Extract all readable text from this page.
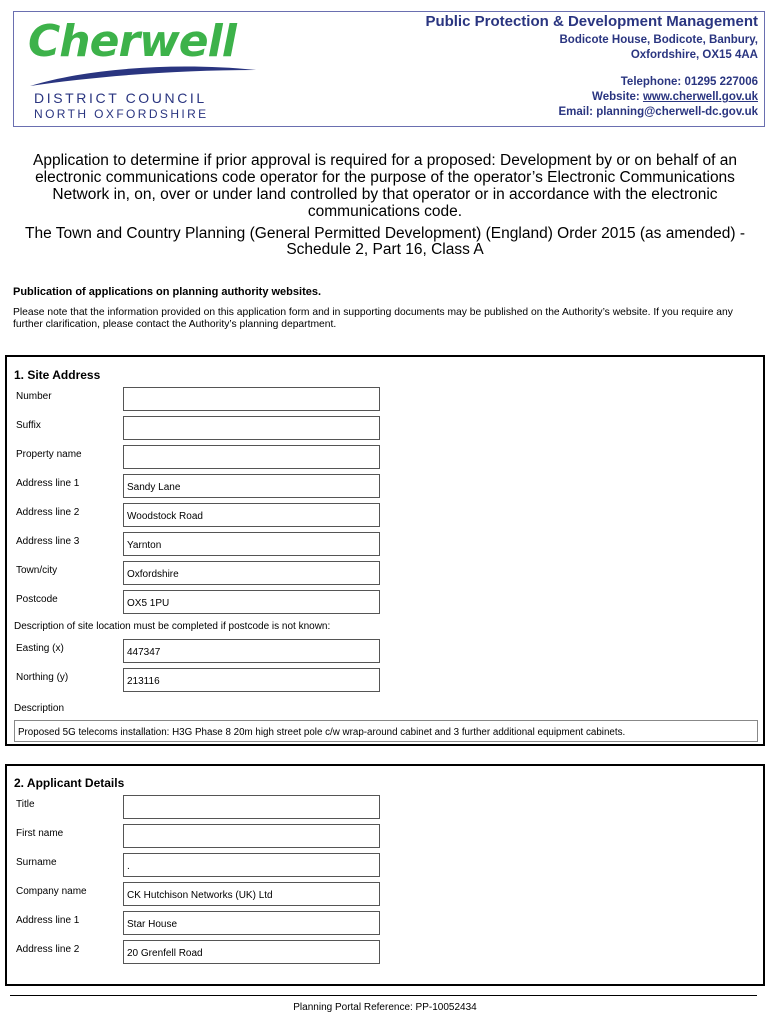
Cherwell
DISTRICT COUNCIL
NORTH OXFORDSHIRE
Public Protection & Development Management
Bodicote House, Bodicote, Banbury,
Oxfordshire, OX15 4AA
Telephone: 01295 227006
Website: www.cherwell.gov.uk
Email: planning@cherwell-dc.gov.uk
Application to determine if prior approval is required for a proposed: Development by or on behalf of an electronic communications code operator for the purpose of the operator’s Electronic Communications Network in, on, over or under land controlled by that operator or in accordance with the electronic communications code.
The Town and Country Planning (General Permitted Development) (England) Order 2015 (as amended) - Schedule 2, Part 16, Class A
Publication of applications on planning authority websites.
Please note that the information provided on this application form and in supporting documents may be published on the Authority’s website. If you require any further clarification, please contact the Authority’s planning department.
1. Site Address
Number
Suffix
Property name
Address line 1	Sandy Lane
Address line 2	Woodstock Road
Address line 3	Yarnton
Town/city	Oxfordshire
Postcode	OX5 1PU
Description of site location must be completed if postcode is not known:
Easting (x)	447347
Northing (y)	213116
Description
Proposed 5G telecoms installation: H3G Phase 8 20m high street pole c/w wrap-around cabinet and 3 further additional equipment cabinets.
2. Applicant Details
Title
First name
Surname	.
Company name	CK Hutchison Networks (UK) Ltd
Address line 1	Star House
Address line 2	20 Grenfell Road
Planning Portal Reference: PP-10052434
